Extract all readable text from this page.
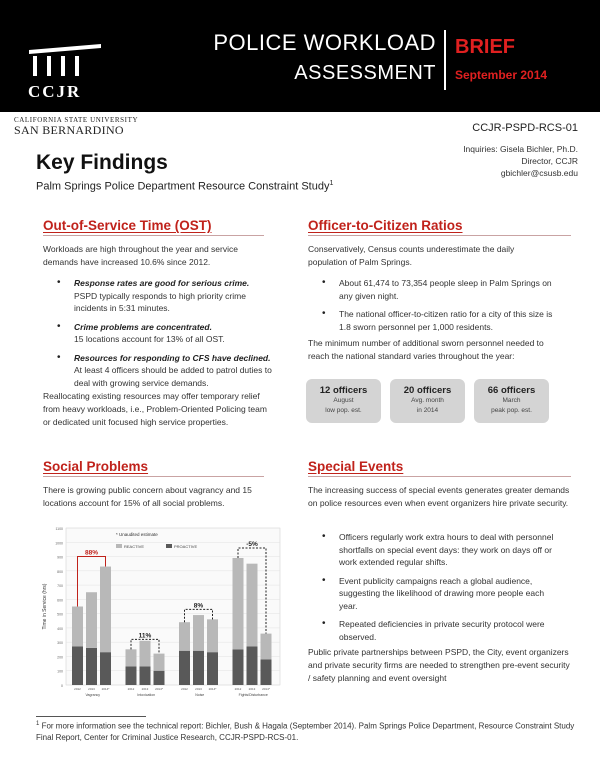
CCJR
POLICE WORKLOAD
ASSESSMENT
BRIEF
September 2014
CALIFORNIA STATE UNIVERSITY
SAN BERNARDINO	CCJR-PSPD-RCS-01
Inquiries: Gisela Bichler, Ph.D.
Director, CCJR
gbichler@csusb.edu
Key Findings
Palm Springs Police Department Resource Constraint Study$^1$
Out-of-Service Time (OST)
Workloads are high throughout the year and service demands have increased 10.6% since 2012.
• Response rates are good for serious crime.
PSPD typically responds to high priority crime incidents in 5:31 minutes.
• Crime problems are concentrated.
15 locations account for 13% of all OST.
• Resources for responding to CFS have declined.
At least 4 officers should be added to patrol duties to deal with growing service demands.
Reallocating existing resources may offer temporary relief from heavy workloads, i.e., Problem-Oriented Policing team or dedicated unit focused high service properties.
Officer-to-Citizen Ratios
Conservatively, Census counts underestimate the daily population of Palm Springs.
• About 61,474 to 73,354 people sleep in Palm Springs on any given night.
• The national officer-to-citizen ratio for a city of this size is 1.8 sworn personnel per 1,000 residents.
The minimum number of additional sworn personnel needed to reach the national standard varies throughout the year:
12 officers
August
low pop. est.
20 officers
Avg. month
in 2014
66 officers
March
peak pop. est.
Social Problems
There is growing public concern about vagrancy and 15 locations account for 15% of all social problems.
0
100
200
300
400
500
600
700
800
900
1000
1100
Time in Service (hrs)
2012 2013 2014*
Vagrancy
2012 2013 2014*
Intoxication
2012 2013 2014*
Noise
2012 2013 2014*
Fights/Disturbance
88%
11%
8%
-5%
* Unaudited estimate
REACTIVE	PROACTIVE
Special Events
The increasing success of special events generates greater demands on police resources even when event organizers hire private security.
• Officers regularly work extra hours to deal with personnel shortfalls on special event days: they work on days off or work extended regular shifts.
• Event publicity campaigns reach a global audience, suggesting the likelihood of drawing more people each year.
• Repeated deficiencies in private security protocol were observed.
Public private partnerships between PSPD, the City, event organizers and private security firms are needed to strengthen pre-event security / safety planning and event oversight
$^1$ For more information see the technical report: Bichler, Bush & Hagala (September 2014). Palm Springs Police Department, Resource Constraint Study Final Report, Center for Criminal Justice Research, CCJR-PSPD-RCS-01.
